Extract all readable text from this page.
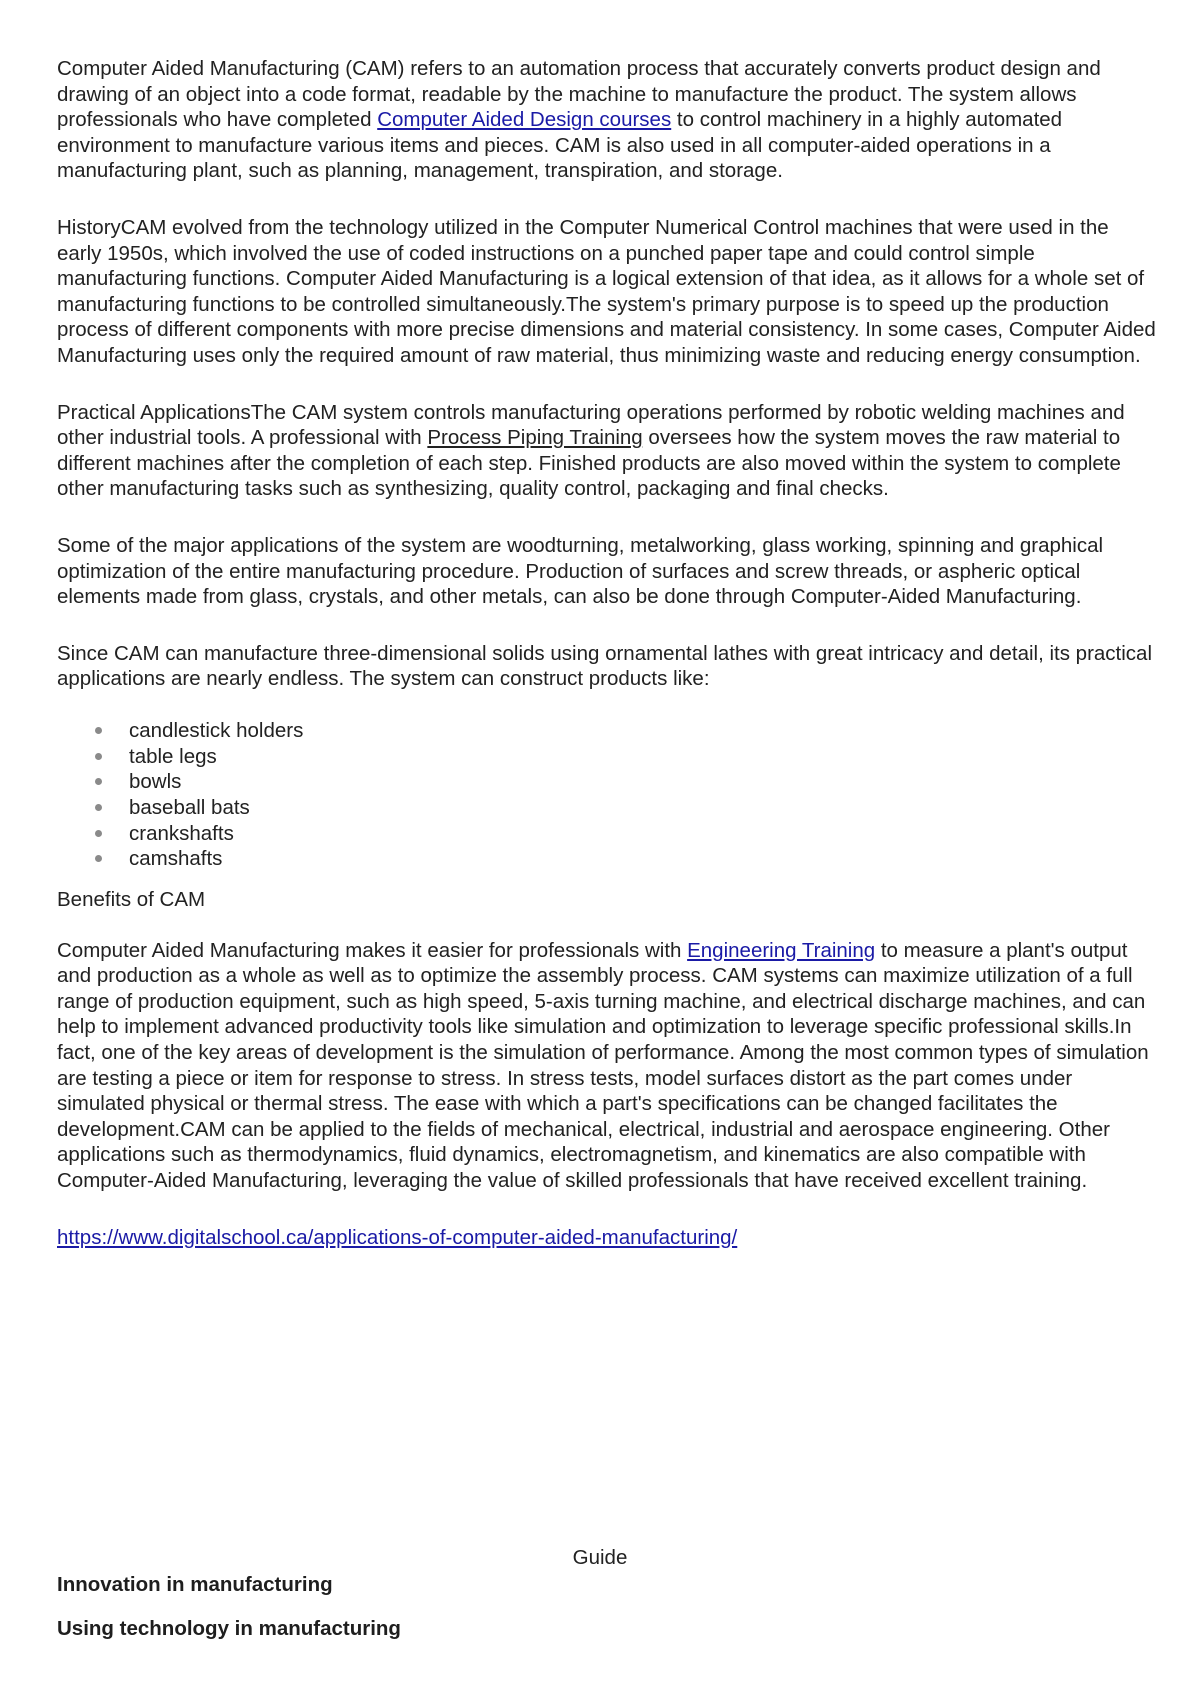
Computer Aided Manufacturing (CAM) refers to an automation process that accurately converts product design and drawing of an object into a code format, readable by the machine to manufacture the product. The system allows professionals who have completed Computer Aided Design courses to control machinery in a highly automated environment to manufacture various items and pieces. CAM is also used in all computer-aided operations in a manufacturing plant, such as planning, management, transpiration, and storage.

HistoryCAM evolved from the technology utilized in the Computer Numerical Control machines that were used in the early 1950s, which involved the use of coded instructions on a punched paper tape and could control simple manufacturing functions. Computer Aided Manufacturing is a logical extension of that idea, as it allows for a whole set of manufacturing functions to be controlled simultaneously.The system's primary purpose is to speed up the production process of different components with more precise dimensions and material consistency. In some cases, Computer Aided Manufacturing uses only the required amount of raw material, thus minimizing waste and reducing energy consumption.

Practical ApplicationsThe CAM system controls manufacturing operations performed by robotic welding machines and other industrial tools. A professional with Process Piping Training oversees how the system moves the raw material to different machines after the completion of each step. Finished products are also moved within the system to complete other manufacturing tasks such as synthesizing, quality control, packaging and final checks.

Some of the major applications of the system are woodturning, metalworking, glass working, spinning and graphical optimization of the entire manufacturing procedure. Production of surfaces and screw threads, or aspheric optical elements made from glass, crystals, and other metals, can also be done through Computer-Aided Manufacturing.

Since CAM can manufacture three-dimensional solids using ornamental lathes with great intricacy and detail, its practical applications are nearly endless. The system can construct products like:

candlestick holders
table legs
bowls
baseball bats
crankshafts
camshafts

Benefits of CAM

Computer Aided Manufacturing makes it easier for professionals with Engineering Training to measure a plant's output and production as a whole as well as to optimize the assembly process. CAM systems can maximize utilization of a full range of production equipment, such as high speed, 5-axis turning machine, and electrical discharge machines, and can help to implement advanced productivity tools like simulation and optimization to leverage specific professional skills.In fact, one of the key areas of development is the simulation of performance. Among the most common types of simulation are testing a piece or item for response to stress. In stress tests, model surfaces distort as the part comes under simulated physical or thermal stress. The ease with which a part's specifications can be changed facilitates the development.CAM can be applied to the fields of mechanical, electrical, industrial and aerospace engineering. Other applications such as thermodynamics, fluid dynamics, electromagnetism, and kinematics are also compatible with Computer-Aided Manufacturing, leveraging the value of skilled professionals that have received excellent training.

https://www.digitalschool.ca/applications-of-computer-aided-manufacturing/

Guide
Innovation in manufacturing
Using technology in manufacturing
